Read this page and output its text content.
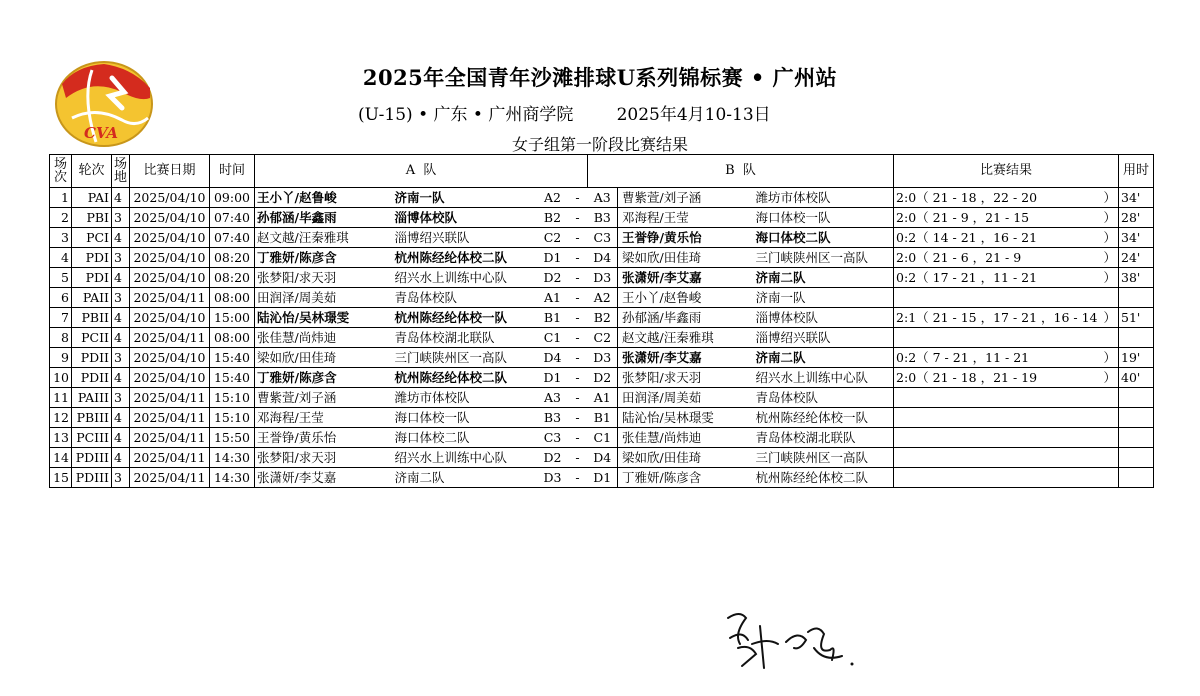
CVA
2025年全国青年沙滩排球U系列锦标赛 • 广州站
(U-15) • 广东 • 广州商学院	2025年4月10-13日
女子组第一阶段比赛结果
场次	轮次	场地	比赛日期	时间	A  队				B  队			比赛结果	用时
1	PAI	4	2025/04/10	09:00	王小丫/赵鲁峻	济南一队	A2	-	A3	曹紫萱/刘子涵	潍坊市体校队	2:0（ 21 - 18 ，22 - 20 ）	34'
2	PBI	3	2025/04/10	07:40	孙郁涵/毕鑫雨	淄博体校队	B2	-	B3	邓海程/王莹	海口体校一队	2:0（ 21 - 9 ，21 - 15 ）	28'
3	PCI	4	2025/04/10	07:40	赵文越/汪秦雅琪	淄博绍兴联队	C2	-	C3	王誉铮/黄乐怡	海口体校二队	0:2（ 14 - 21 ，16 - 21 ）	34'
4	PDI	3	2025/04/10	08:20	丁雅妍/陈彦含	杭州陈经纶体校二队	D1	-	D4	梁如欣/田佳琦	三门峡陕州区一高队	2:0（ 21 - 6 ，21 - 9 ）	24'
5	PDI	4	2025/04/10	08:20	张梦阳/求天羽	绍兴水上训练中心队	D2	-	D3	张潇妍/李艾嘉	济南二队	0:2（ 17 - 21 ，11 - 21 ）	38'
6	PAII	3	2025/04/11	08:00	田润泽/周美茹	青岛体校队	A1	-	A2	王小丫/赵鲁峻	济南一队	

7	PBII	4	2025/04/10	15:00	陆沁怡/吴林璟雯	杭州陈经纶体校一队	B1	-	B2	孙郁涵/毕鑫雨	淄博体校队	2:1（ 21 - 15 ，17 - 21 ，16 - 14 ）	51'
8	PCII	4	2025/04/11	08:00	张佳慧/尚炜迪	青岛体校湖北联队	C1	-	C2	赵文越/汪秦雅琪	淄博绍兴联队	

9	PDII	3	2025/04/10	15:40	梁如欣/田佳琦	三门峡陕州区一高队	D4	-	D3	张潇妍/李艾嘉	济南二队	0:2（ 7 - 21 ，11 - 21 ）	19'
10	PDII	4	2025/04/10	15:40	丁雅妍/陈彦含	杭州陈经纶体校二队	D1	-	D2	张梦阳/求天羽	绍兴水上训练中心队	2:0（ 21 - 18 ，21 - 19 ）	40'
11	PAIII	3	2025/04/11	15:10	曹紫萱/刘子涵	潍坊市体校队	A3	-	A1	田润泽/周美茹	青岛体校队	

12	PBIII	4	2025/04/11	15:10	邓海程/王莹	海口体校一队	B3	-	B1	陆沁怡/吴林璟雯	杭州陈经纶体校一队	

13	PCIII	4	2025/04/11	15:50	王誉铮/黄乐怡	海口体校二队	C3	-	C1	张佳慧/尚炜迪	青岛体校湖北联队	

14	PDIII	4	2025/04/11	14:30	张梦阳/求天羽	绍兴水上训练中心队	D2	-	D4	梁如欣/田佳琦	三门峡陕州区一高队	

15	PDIII	3	2025/04/11	14:30	张潇妍/李艾嘉	济南二队	D3	-	D1	丁雅妍/陈彦含	杭州陈经纶体校二队	
